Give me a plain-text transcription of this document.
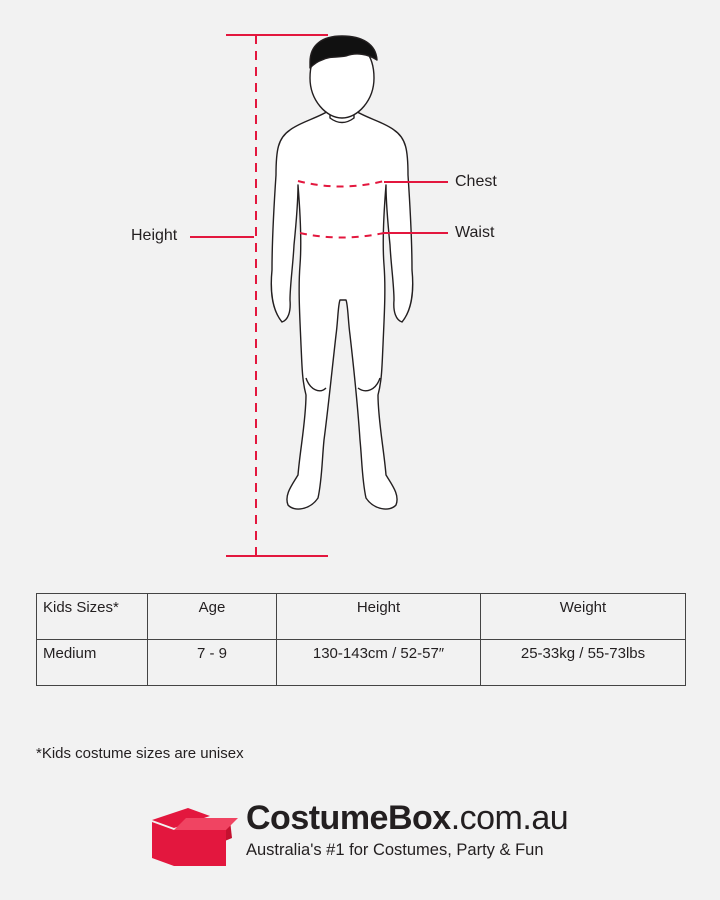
Height
Chest
Waist
Kids Sizes*	Age	Height	Weight
Medium	7 - 9	130-143cm / 52-57″	25-33kg / 55-73lbs
*Kids costume sizes are unisex
CostumeBox.com.au
Australia's #1 for Costumes, Party & Fun
